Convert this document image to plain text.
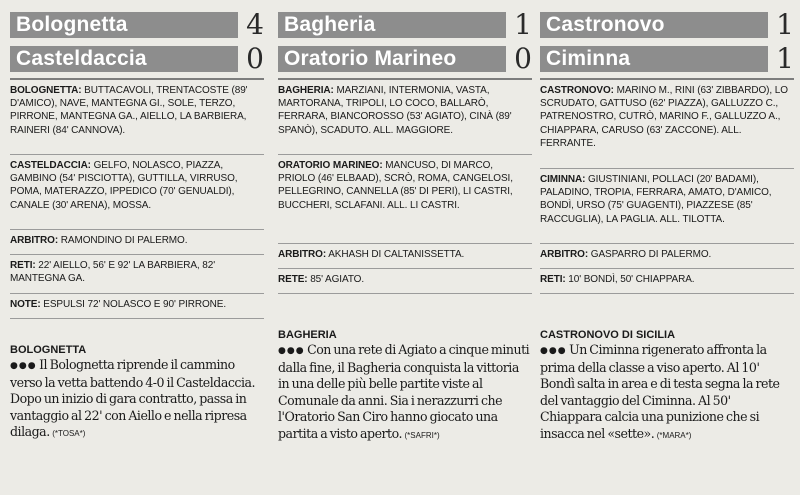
Bolognetta	4
Casteldaccia	0
BOLOGNETTA: BUTTACAVOLI, TRENTACOSTE (89' D'AMICO), NAVE, MANTEGNA GI., SOLE, TERZO, PIRRONE, MANTEGNA GA., AIELLO, LA BARBIERA, RAINERI (84' CANNOVA).
CASTELDACCIA: GELFO, NOLASCO, PIAZZA, GAMBINO (54' PISCIOTTA), GUTTILLA, VIRRUSO, POMA, MATERAZZO, IPPEDICO (70' GENUALDI), CANALE (30' ARENA), MOSSA.
ARBITRO: RAMONDINO DI PALERMO.
RETI: 22' AIELLO, 56' E 92' LA BARBIERA, 82' MANTEGNA GA.
NOTE: ESPULSI 72' NOLASCO E 90' PIRRONE.
BOLOGNETTA
●●● Il Bolognetta riprende il cammino verso la vetta battendo 4-0 il Casteldaccia. Dopo un inizio di gara contratto, passa in vantaggio al 22' con Aiello e nella ripresa dilaga. (*TOSA*)
Bagheria	1
Oratorio Marineo	0
BAGHERIA: MARZIANI, INTERMONIA, VASTA, MARTORANA, TRIPOLI, LO COCO, BALLARÒ, FERRARA, BIANCOROSSO (53' AGIATO), CINÀ (89' SPANÒ), SCADUTO. ALL. MAGGIORE.
ORATORIO MARINEO: MANCUSO, DI MARCO, PRIOLO (46' ELBAAD), SCRÒ, ROMA, CANGELOSI, PELLEGRINO, CANNELLA (85' DI PERI), LI CASTRI, BUCCHERI, SCLAFANI. ALL. LI CASTRI.
ARBITRO: AKHASH DI CALTANISSETTA.
RETE: 85' AGIATO.
BAGHERIA
●●● Con una rete di Agiato a cinque minuti dalla fine, il Bagheria conquista la vittoria in una delle più belle partite viste al Comunale da anni. Sia i nerazzurri che l'Oratorio San Ciro hanno giocato una partita a visto aperto. (*SAFRI*)
Castronovo	1
Ciminna	1
CASTRONOVO: MARINO M., RINI (63' ZIBBARDO), LO SCRUDATO, GATTUSO (62' PIAZZA), GALLUZZO C., PATRENOSTRO, CUTRÒ, MARINO F., GALLUZZO A., CHIAPPARA, CARUSO (63' ZACCONE). ALL. FERRANTE.
CIMINNA: GIUSTINIANI, POLLACI (20' BADAMI), PALADINO, TROPIA, FERRARA, AMATO, D'AMICO, BONDÌ, URSO (75' GUAGENTI), PIAZZESE (85' RACCUGLIA), LA PAGLIA. ALL. TILOTTA.
ARBITRO: GASPARRO DI PALERMO.
RETI: 10' BONDÌ, 50' CHIAPPARA.
CASTRONOVO DI SICILIA
●●● Un Ciminna rigenerato affronta la prima della classe a viso aperto. Al 10' Bondì salta in area e di testa segna la rete del vantaggio del Ciminna. Al 50' Chiappara calcia una punizione che si insacca nel «sette». (*MARA*)
